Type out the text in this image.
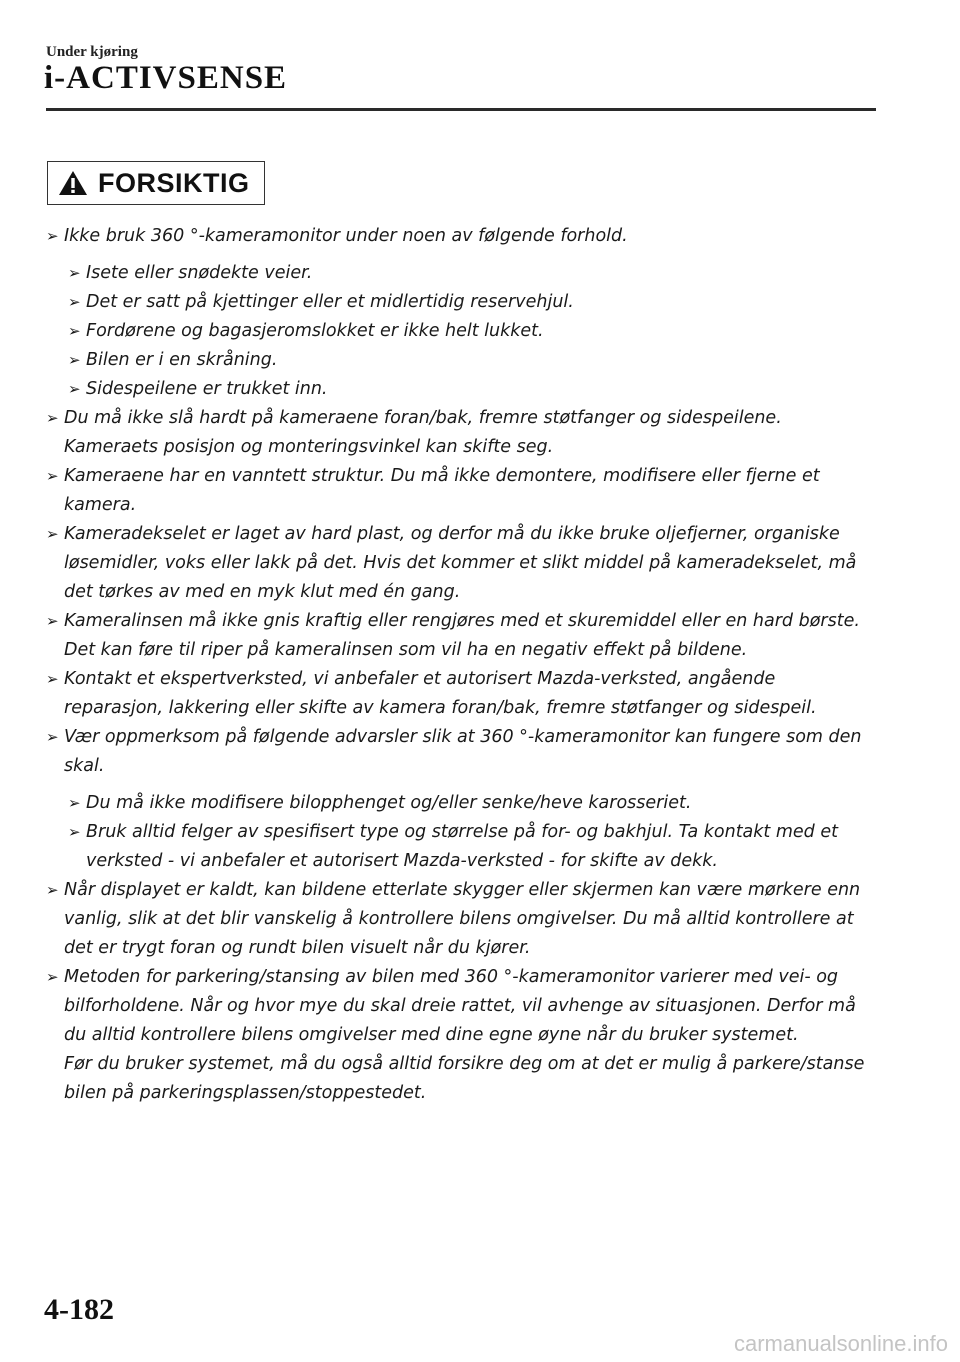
Under kjøring
i-ACTIVSENSE
FORSIKTIG
➢ Ikke bruk 360 °-kameramonitor under noen av følgende forhold.
➢ Isete eller snødekte veier.
➢ Det er satt på kjettinger eller et midlertidig reservehjul.
➢ Fordørene og bagasjeromslokket er ikke helt lukket.
➢ Bilen er i en skråning.
➢ Sidespeilene er trukket inn.
➢ Du må ikke slå hardt på kameraene foran/bak, fremre støtfanger og sidespeilene. Kameraets posisjon og monteringsvinkel kan skifte seg.
➢ Kameraene har en vanntett struktur. Du må ikke demontere, modifisere eller fjerne et kamera.
➢ Kameradekselet er laget av hard plast, og derfor må du ikke bruke oljefjerner, organiske løsemidler, voks eller lakk på det. Hvis det kommer et slikt middel på kameradekselet, må det tørkes av med en myk klut med én gang.
➢ Kameralinsen må ikke gnis kraftig eller rengjøres med et skuremiddel eller en hard børste. Det kan føre til riper på kameralinsen som vil ha en negativ effekt på bildene.
➢ Kontakt et ekspertverksted, vi anbefaler et autorisert Mazda-verksted, angående reparasjon, lakkering eller skifte av kamera foran/bak, fremre støtfanger og sidespeil.
➢ Vær oppmerksom på følgende advarsler slik at 360 °-kameramonitor kan fungere som den skal.
➢ Du må ikke modifisere bilopphenget og/eller senke/heve karosseriet.
➢ Bruk alltid felger av spesifisert type og størrelse på for- og bakhjul. Ta kontakt med et verksted - vi anbefaler et autorisert Mazda-verksted - for skifte av dekk.
➢ Når displayet er kaldt, kan bildene etterlate skygger eller skjermen kan være mørkere enn vanlig, slik at det blir vanskelig å kontrollere bilens omgivelser. Du må alltid kontrollere at det er trygt foran og rundt bilen visuelt når du kjører.
➢ Metoden for parkering/stansing av bilen med 360 °-kameramonitor varierer med vei- og bilforholdene. Når og hvor mye du skal dreie rattet, vil avhenge av situasjonen. Derfor må du alltid kontrollere bilens omgivelser med dine egne øyne når du bruker systemet.
Før du bruker systemet, må du også alltid forsikre deg om at det er mulig å parkere/stanse bilen på parkeringsplassen/stoppestedet.
4-182
carmanualsonline.info
